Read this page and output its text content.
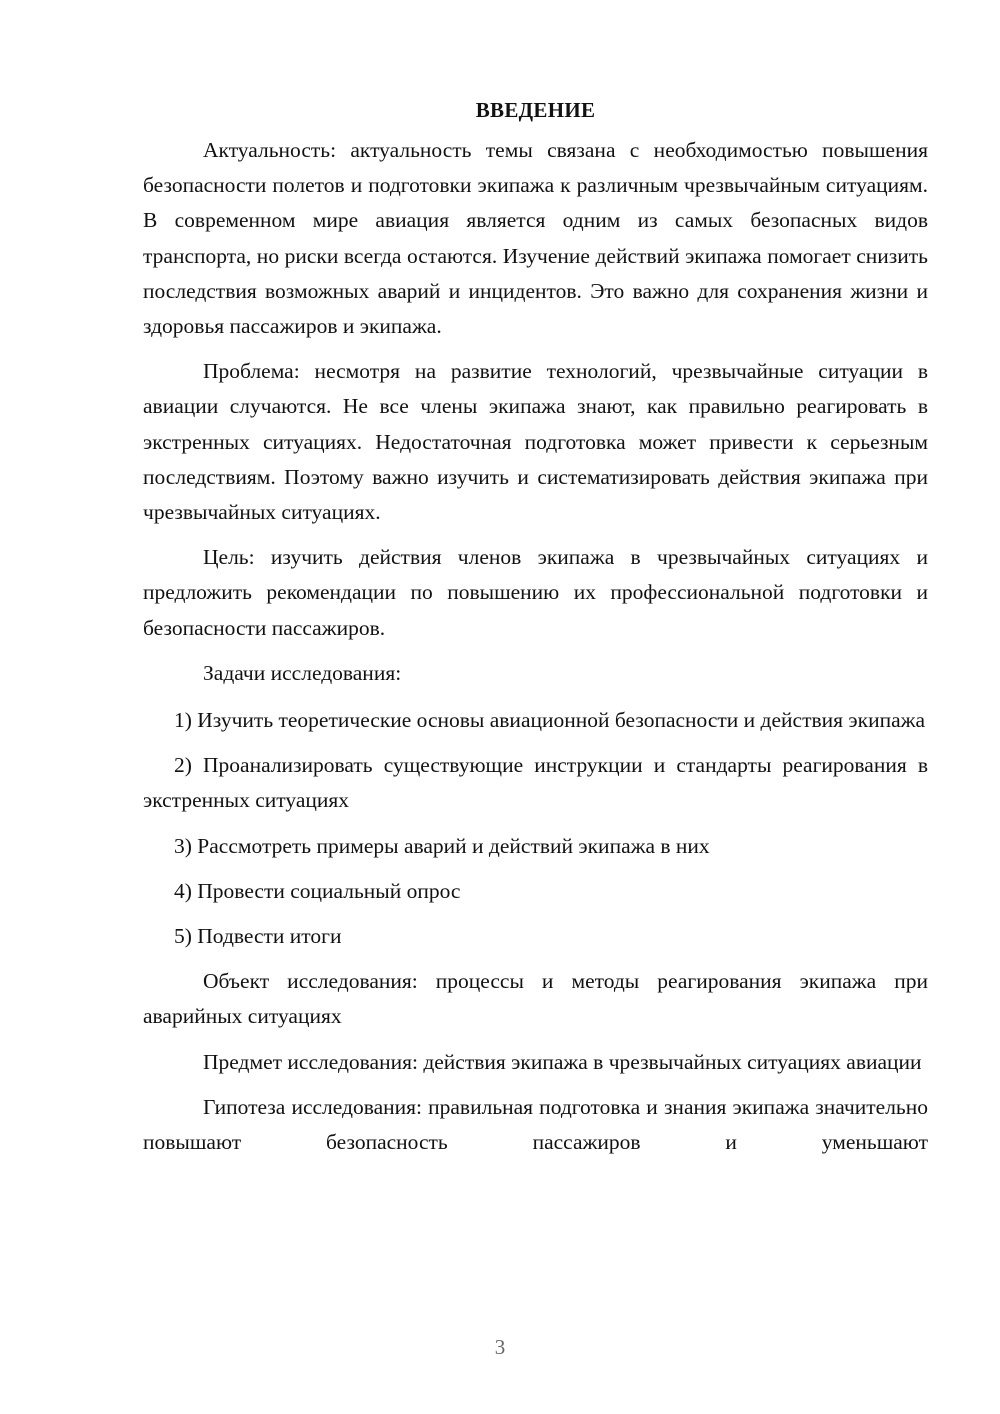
ВВЕДЕНИЕ

Актуальность: актуальность темы связана с необходимостью повышения безопасности полетов и подготовки экипажа к различным чрезвычайным ситуациям. В современном мире авиация является одним из самых безопасных видов транспорта, но риски всегда остаются. Изучение действий экипажа помогает снизить последствия возможных аварий и инцидентов. Это важно для сохранения жизни и здоровья пассажиров и экипажа.

Проблема: несмотря на развитие технологий, чрезвычайные ситуации в авиации случаются. Не все члены экипажа знают, как правильно реагировать в экстренных ситуациях. Недостаточная подготовка может привести к серьезным последствиям. Поэтому важно изучить и систематизировать действия экипажа при чрезвычайных ситуациях.

Цель: изучить действия членов экипажа в чрезвычайных ситуациях и предложить рекомендации по повышению их профессиональной подготовки и безопасности пассажиров.

Задачи исследования:

1) Изучить теоретические основы авиационной безопасности и действия экипажа

2) Проанализировать существующие инструкции и стандарты реагирования в экстренных ситуациях

3) Рассмотреть примеры аварий и действий экипажа в них

4) Провести социальный опрос

5) Подвести итоги

Объект исследования: процессы и методы реагирования экипажа при аварийных ситуациях

Предмет исследования: действия экипажа в чрезвычайных ситуациях авиации

Гипотеза исследования: правильная подготовка и знания экипажа значительно повышают безопасность пассажиров и уменьшают

3
